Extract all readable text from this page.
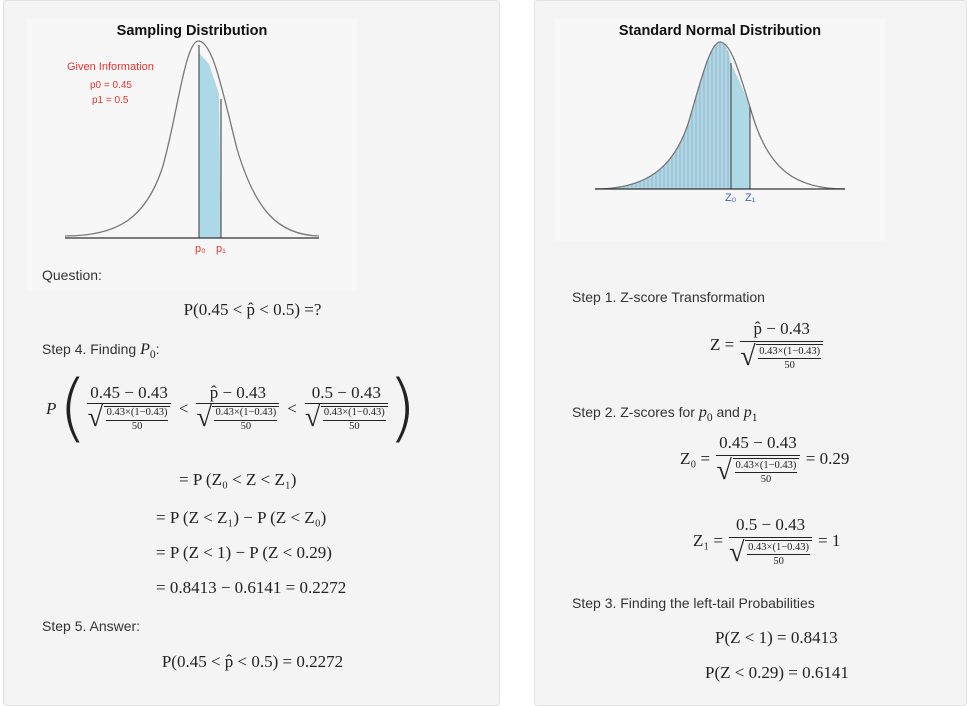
Sampling Distribution
p₀ p₁
Given Information
p0 = 0.45
p1 = 0.5
Question:
P(0.45 < p̂ < 0.5) =?
Step 4. Finding $P_0$:
P ( $\frac{0.45 - 0.43}{√ \frac{0.43\times(1-0.43)}{50}} < \frac{p̂ - 0.43}{√ \frac{0.43\times(1-0.43)}{50}} < \frac{0.5 - 0.43}{√ \frac{0.43\times(1-0.43)}{50}}$ )
= P (Z₀ < Z < Z₁)
= P (Z < Z₁) − P (Z < Z₀)
= P (Z < 1) − P (Z < 0.29)
= 0.8413 − 0.6141 = 0.2272
Step 5. Answer:
P(0.45 < p̂ < 0.5) = 0.2272
Standard Normal Distribution
Z₀ Z₁
Step 1. Z-score Transformation
$Z = \frac{p̂ - 0.43}{√ \frac{0.43\times(1-0.43)}{50}}$
Step 2. Z-scores for $p_0$ and $p_1$
$Z_0 = \frac{0.45 - 0.43}{√ \frac{0.43\times(1-0.43)}{50}} = 0.29$
$Z_1 = \frac{0.5 - 0.43}{√ \frac{0.43\times(1-0.43)}{50}} = 1$
Step 3. Finding the left-tail Probabilities
P(Z < 1) = 0.8413
P(Z < 0.29) = 0.6141
